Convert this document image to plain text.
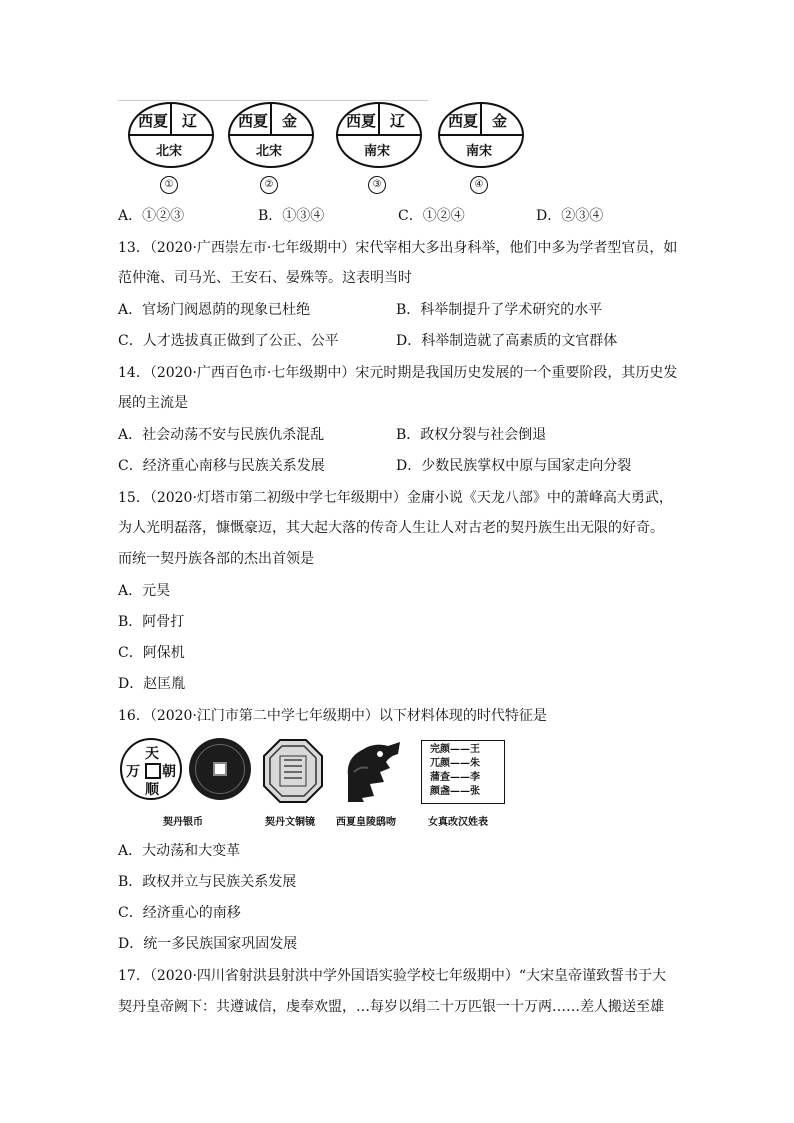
西夏 辽
北宋
①
西夏 金
北宋
②
西夏 辽
南宋
③
西夏 金
南宋
④
A．①②③	B．①③④	C．①②④	D．②③④
13．（2020·广西崇左市·七年级期中）宋代宰相大多出身科举，他们中多为学者型官员，如
范仲淹、司马光、王安石、晏殊等。这表明当时
A．官场门阀恩荫的现象已杜绝	B．科举制提升了学术研究的水平
C．人才选拔真正做到了公正、公平	D．科举制造就了高素质的文官群体
14．（2020·广西百色市·七年级期中）宋元时期是我国历史发展的一个重要阶段，其历史发
展的主流是
A．社会动荡不安与民族仇杀混乱	B．政权分裂与社会倒退
C．经济重心南移与民族关系发展	D．少数民族掌权中原与国家走向分裂
15．（2020·灯塔市第二初级中学七年级期中）金庸小说《天龙八部》中的萧峰高大勇武，
为人光明磊落，慷慨豪迈，其大起大落的传奇人生让人对古老的契丹族生出无限的好奇。
而统一契丹族各部的杰出首领是
A．元昊
B．阿骨打
C．阿保机
D．赵匡胤
16．（2020·江门市第二中学七年级期中）以下材料体现的时代特征是
天
万 朝
顺
完颜——王
兀颜——朱
蒲查——李
颜盏——张
契丹银币	契丹文铜镜 西夏皇陵鸱吻	女真改汉姓表
A．大动荡和大变革
B．政权并立与民族关系发展
C．经济重心的南移
D．统一多民族国家巩固发展
17．（2020·四川省射洪县射洪中学外国语实验学校七年级期中）“大宋皇帝谨致誓书于大
契丹皇帝阙下：共遵诚信，虔奉欢盟，…每岁以绢二十万匹银一十万两……差人搬送至雄
